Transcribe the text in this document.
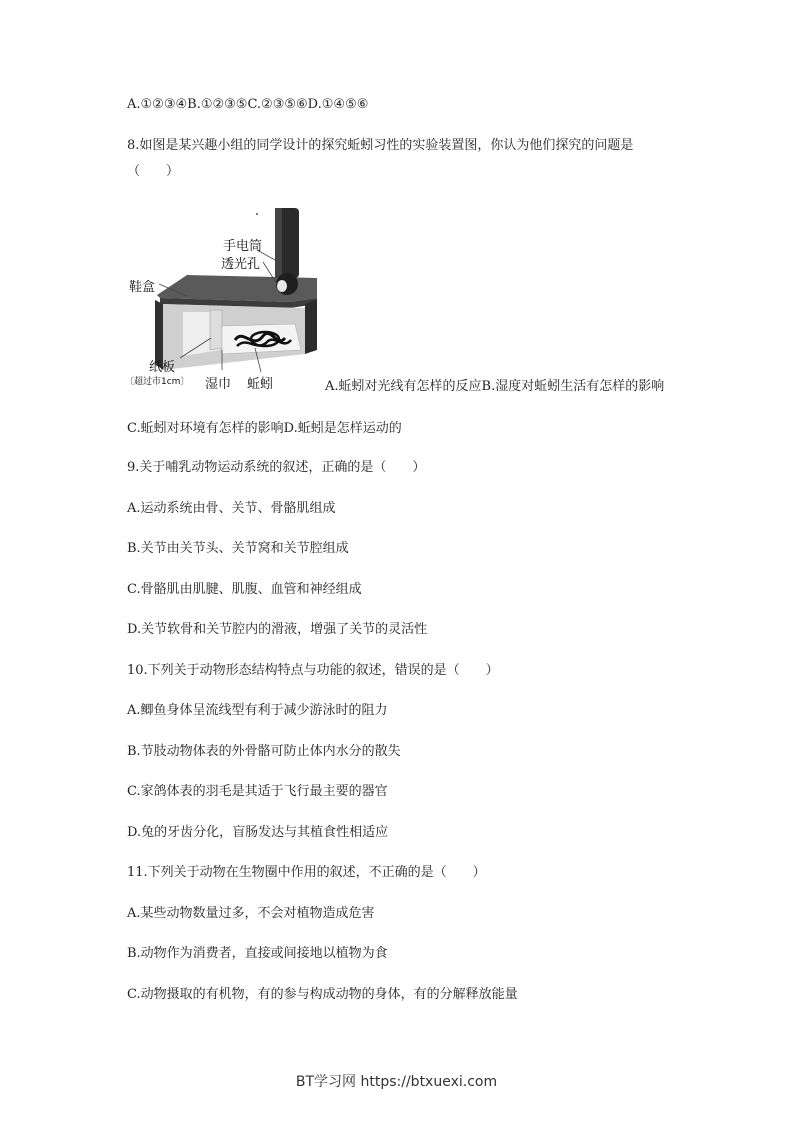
A.①②③④B.①②③⑤C.②③⑤⑥D.①④⑤⑥
8.如图是某兴趣小组的同学设计的探究蚯蚓习性的实验装置图，你认为他们探究的问题是
（　　）
手电筒
透光孔
鞋盒
纸板
〔超过市1cm〕 湿巾 蚯蚓	A.蚯蚓对光线有怎样的反应B.湿度对蚯蚓生活有怎样的影响
C.蚯蚓对环境有怎样的影响D.蚯蚓是怎样运动的
9.关于哺乳动物运动系统的叙述，正确的是（　　）
A.运动系统由骨、关节、骨骼肌组成
B.关节由关节头、关节窝和关节腔组成
C.骨骼肌由肌腱、肌腹、血管和神经组成
D.关节软骨和关节腔内的滑液，增强了关节的灵活性
10.下列关于动物形态结构特点与功能的叙述，错误的是（　　）
A.鲫鱼身体呈流线型有利于减少游泳时的阻力
B.节肢动物体表的外骨骼可防止体内水分的散失
C.家鸽体表的羽毛是其适于飞行最主要的器官
D.兔的牙齿分化，盲肠发达与其植食性相适应
11.下列关于动物在生物圈中作用的叙述，不正确的是（　　）
A.某些动物数量过多，不会对植物造成危害
B.动物作为消费者，直接或间接地以植物为食
C.动物摄取的有机物，有的参与构成动物的身体，有的分解释放能量
BT学习网 https://btxuexi.com
